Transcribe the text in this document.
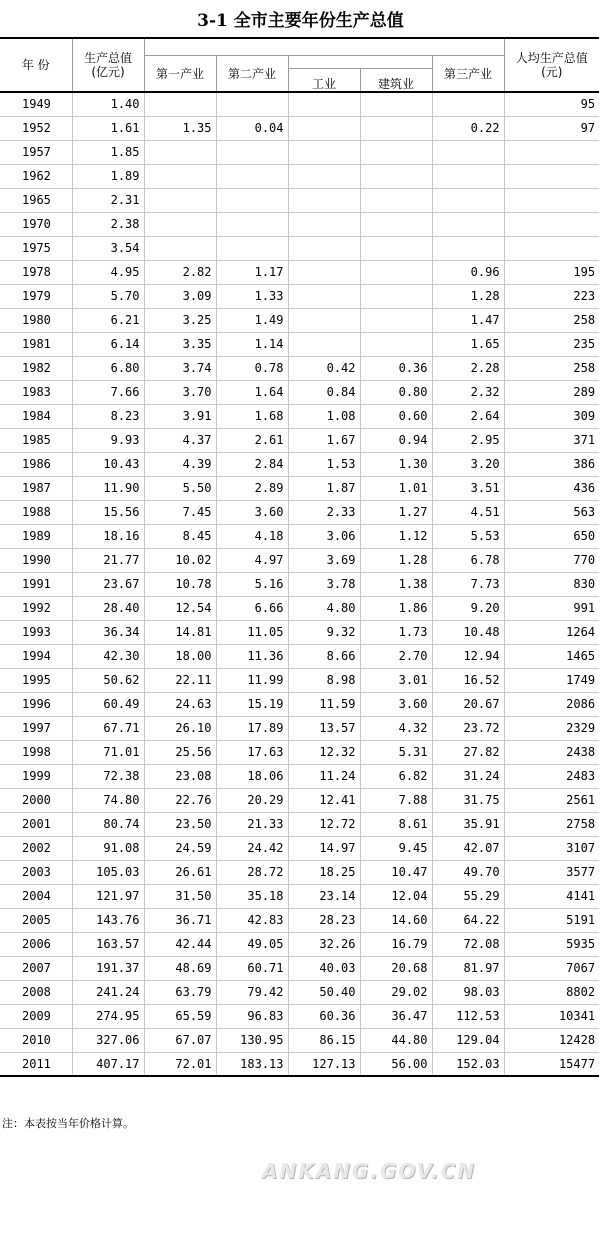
3-1 全市主要年份生产总值
年 份	生产总值
(亿元)						人均生产总值
(元)
		第一产业	第二产业			第三产业	
				工业	建筑业		
1949	1.40						95
1952	1.61	1.35	0.04			0.22	97
1957	1.85						
1962	1.89						
1965	2.31						
1970	2.38						
1975	3.54						
1978	4.95	2.82	1.17			0.96	195
1979	5.70	3.09	1.33			1.28	223
1980	6.21	3.25	1.49			1.47	258
1981	6.14	3.35	1.14			1.65	235
1982	6.80	3.74	0.78	0.42	0.36	2.28	258
1983	7.66	3.70	1.64	0.84	0.80	2.32	289
1984	8.23	3.91	1.68	1.08	0.60	2.64	309
1985	9.93	4.37	2.61	1.67	0.94	2.95	371
1986	10.43	4.39	2.84	1.53	1.30	3.20	386
1987	11.90	5.50	2.89	1.87	1.01	3.51	436
1988	15.56	7.45	3.60	2.33	1.27	4.51	563
1989	18.16	8.45	4.18	3.06	1.12	5.53	650
1990	21.77	10.02	4.97	3.69	1.28	6.78	770
1991	23.67	10.78	5.16	3.78	1.38	7.73	830
1992	28.40	12.54	6.66	4.80	1.86	9.20	991
1993	36.34	14.81	11.05	9.32	1.73	10.48	1264
1994	42.30	18.00	11.36	8.66	2.70	12.94	1465
1995	50.62	22.11	11.99	8.98	3.01	16.52	1749
1996	60.49	24.63	15.19	11.59	3.60	20.67	2086
1997	67.71	26.10	17.89	13.57	4.32	23.72	2329
1998	71.01	25.56	17.63	12.32	5.31	27.82	2438
1999	72.38	23.08	18.06	11.24	6.82	31.24	2483
2000	74.80	22.76	20.29	12.41	7.88	31.75	2561
2001	80.74	23.50	21.33	12.72	8.61	35.91	2758
2002	91.08	24.59	24.42	14.97	9.45	42.07	3107
2003	105.03	26.61	28.72	18.25	10.47	49.70	3577
2004	121.97	31.50	35.18	23.14	12.04	55.29	4141
2005	143.76	36.71	42.83	28.23	14.60	64.22	5191
2006	163.57	42.44	49.05	32.26	16.79	72.08	5935
2007	191.37	48.69	60.71	40.03	20.68	81.97	7067
2008	241.24	63.79	79.42	50.40	29.02	98.03	8802
2009	274.95	65.59	96.83	60.36	36.47	112.53	10341
2010	327.06	67.07	130.95	86.15	44.80	129.04	12428
2011	407.17	72.01	183.13	127.13	56.00	152.03	15477
注：本表按当年价格计算。
ANKANG.GOV.CN
